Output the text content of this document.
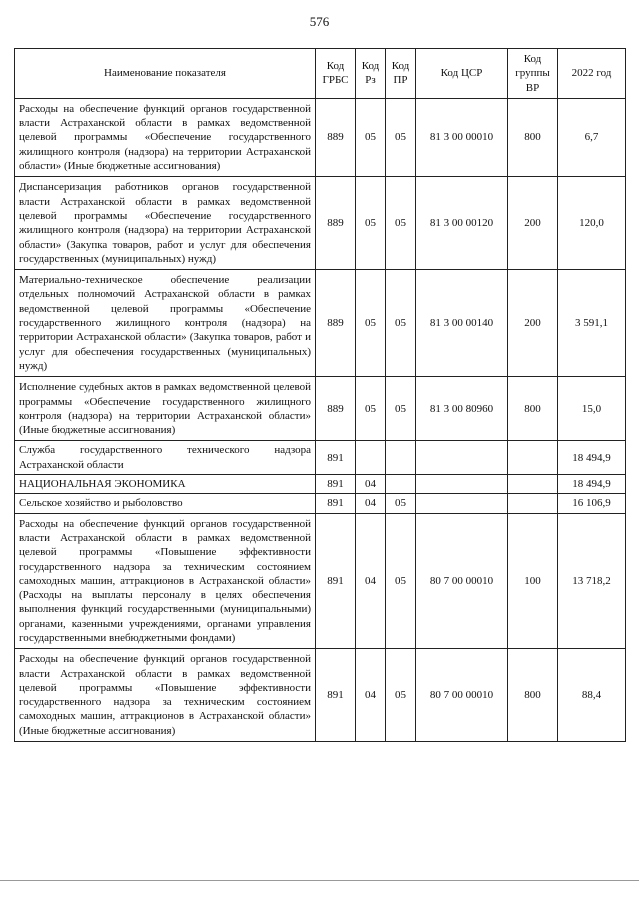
576
Наименование показателя	Код ГРБС	Код Рз	Код ПР	Код ЦСР	Код группы ВР	2022 год
Расходы на обеспечение функций органов государственной власти Астраханской области в рамках ведомственной целевой программы «Обеспечение государственного жилищного контроля (надзора) на территории Астраханской области» (Иные бюджетные ассигнования)	889	05	05	81 3 00 00010	800	6,7
Диспансеризация работников органов государственной власти Астраханской области в рамках ведомственной целевой программы «Обеспечение государственного жилищного контроля (надзора) на территории Астраханской области» (Закупка товаров, работ и услуг для обеспечения государственных (муниципальных) нужд)	889	05	05	81 3 00 00120	200	120,0
Материально-техническое обеспечение реализации отдельных полномочий Астраханской области в рамках ведомственной целевой программы «Обеспечение государственного жилищного контроля (надзора) на территории Астраханской области» (Закупка товаров, работ и услуг для обеспечения государственных (муниципальных) нужд)	889	05	05	81 3 00 00140	200	3 591,1
Исполнение судебных актов в рамках ведомственной целевой программы «Обеспечение государственного жилищного контроля (надзора) на территории Астраханской области» (Иные бюджетные ассигнования)	889	05	05	81 3 00 80960	800	15,0
Служба государственного технического надзора Астраханской области	891					18 494,9
НАЦИОНАЛЬНАЯ ЭКОНОМИКА	891	04				18 494,9
Сельское хозяйство и рыболовство	891	04	05			16 106,9
Расходы на обеспечение функций органов государственной власти Астраханской области в рамках ведомственной целевой программы «Повышение эффективности государственного надзора за техническим состоянием самоходных машин, аттракционов в Астраханской области» (Расходы на выплаты персоналу в целях обеспечения выполнения функций государственными (муниципальными) органами, казенными учреждениями, органами управления государственными внебюджетными фондами)	891	04	05	80 7 00 00010	100	13 718,2
Расходы на обеспечение функций органов государственной власти Астраханской области в рамках ведомственной целевой программы «Повышение эффективности государственного надзора за техническим состоянием самоходных машин, аттракционов в Астраханской области» (Иные бюджетные ассигнования)	891	04	05	80 7 00 00010	800	88,4
